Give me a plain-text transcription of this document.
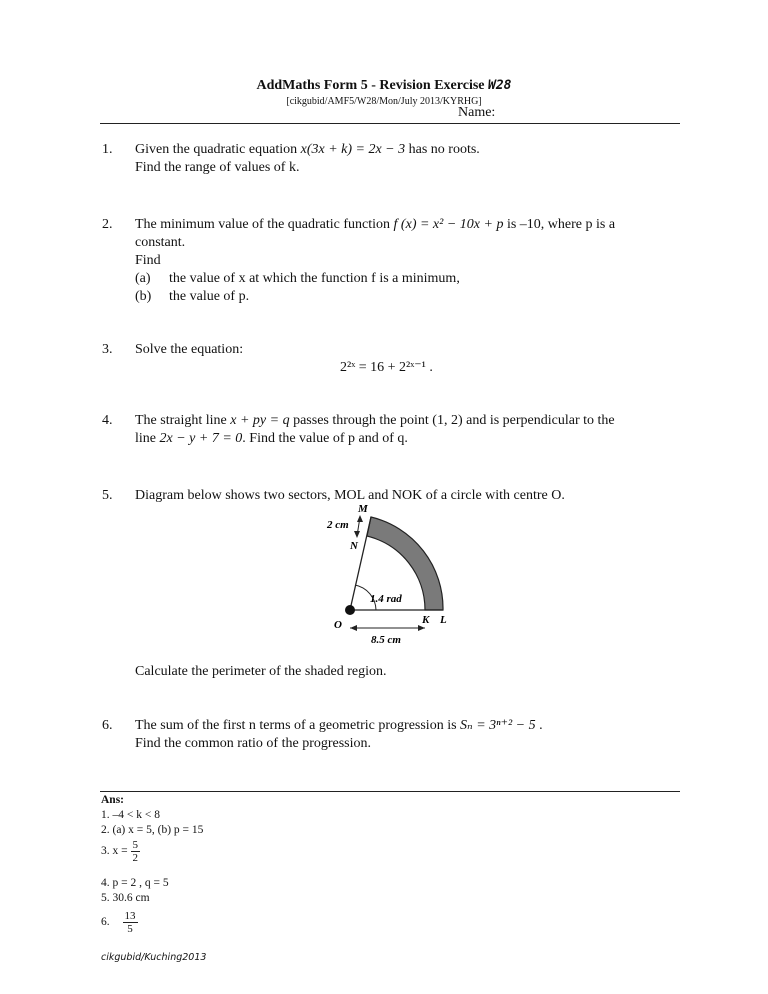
AddMaths Form 5 - Revision Exercise W28
[cikgubid/AMF5/W28/Mon/July 2013/KYRHG]
Name:
1. Given the quadratic equation x(3x + k) = 2x − 3 has no roots.
Find the range of values of k.
2. The minimum value of the quadratic function f (x) = x² − 10x + p is –10, where p is a
constant.
Find
(a) the value of x at which the function f is a minimum,
(b) the value of p.
3. Solve the equation:
2²ˣ = 16 + 2²ˣ⁻¹ .
4. The straight line x + py = q passes through the point (1, 2) and is perpendicular to the
line 2x − y + 7 = 0. Find the value of p and of q.
5. Diagram below shows two sectors, MOL and NOK of a circle with centre O.
2 cm
M
N
1.4 rad
O	K L
8.5 cm
Calculate the perimeter of the shaded region.
6. The sum of the first n terms of a geometric progression is Sₙ = 3ⁿ⁺² − 5 .
Find the common ratio of the progression.
Ans:
1. –4 < k < 8
2. (a) x = 5, (b) p = 15
3. $x = \frac{5}{2}$
4. p = 2 , q = 5
5. 30.6 cm
6. $\frac{13}{5}$
cikgubid/Kuching2013
